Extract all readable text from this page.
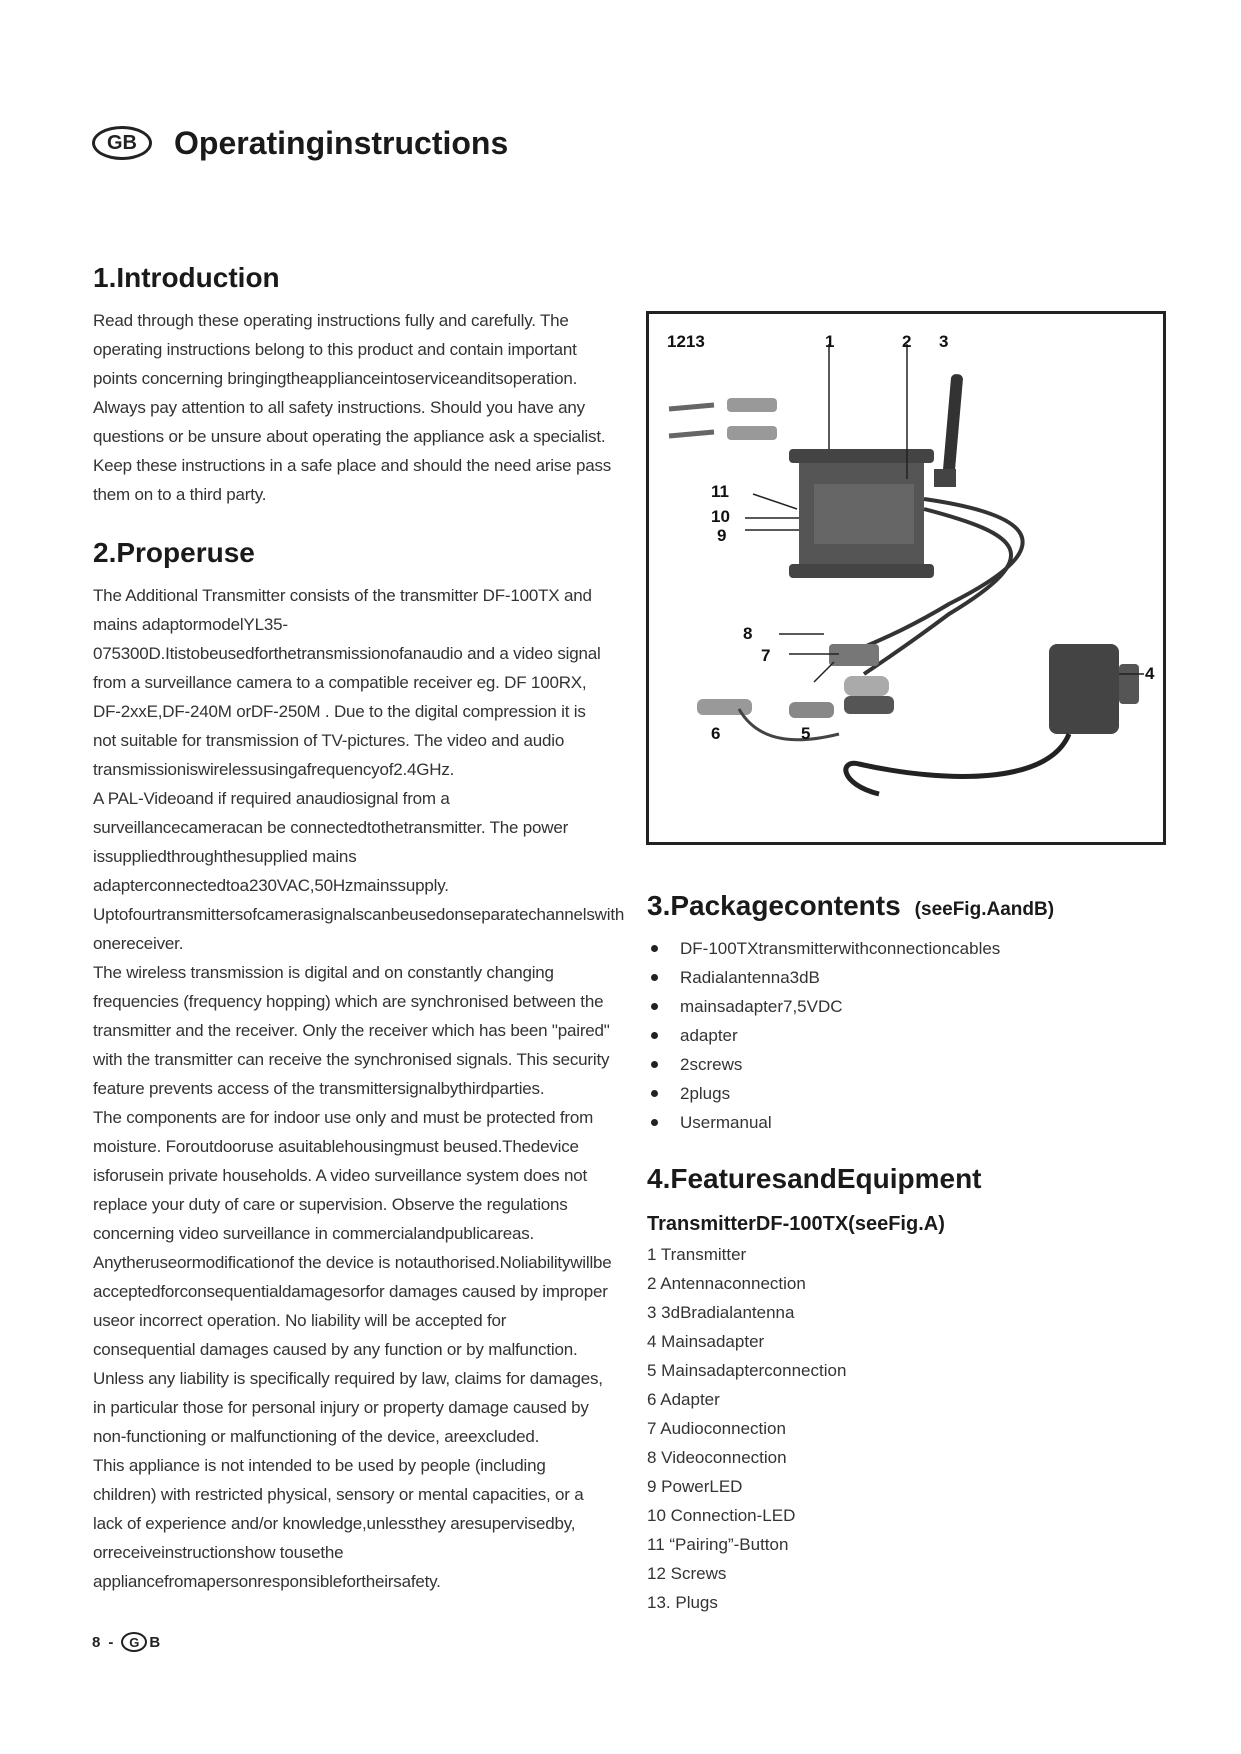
GB	Operatinginstructions
1.Introduction

Read through these operating instructions fully and carefully. The operating instructions belong to this product and contain important points concerning bringingtheapplianceintoserviceanditsoperation.

Always pay attention to all safety instructions. Should you have any questions or be unsure about operating the appliance ask a specialist. Keep these instructions in a safe place and should the need arise pass them on to a third party.

2.Properuse

The Additional Transmitter consists of the transmitter DF-100TX and mains adaptormodelYL35-075300D.Itistobeusedforthetransmissionofanaudio and a video signal from a surveillance camera to a compatible receiver eg. DF 100RX, DF-2xxE,DF-240M orDF-250M . Due to the digital compression it is not suitable for transmission of TV-pictures. The video and audio transmissioniswirelessusingafrequencyof2.4GHz.

A PAL-Videoand if required anaudiosignal from a surveillancecameracan be connectedtothetransmitter. The power issuppliedthroughthesupplied mains adapterconnectedtoa230VAC,50Hzmainssupply.

Uptofourtransmittersofcamerasignalscanbeusedonseparatechannelswith onereceiver.

The wireless transmission is digital and on constantly changing frequencies (frequency hopping) which are synchronised between the transmitter and the receiver. Only the receiver which has been "paired" with the transmitter can receive the synchronised signals. This security feature prevents access of the transmittersignalbythirdparties.

The components are for indoor use only and must be protected from moisture. Foroutdooruse asuitablehousingmust beused.Thedevice isforusein private households. A video surveillance system does not replace your duty of care or supervision. Observe the regulations concerning video surveillance in commercialandpublicareas.

Anytheruseormodificationof the device is notauthorised.Noliabilitywillbe acceptedforconsequentialdamagesorfor damages caused by improper useor incorrect operation. No liability will be accepted for consequential damages caused by any function or by malfunction. Unless any liability is specifically required by law, claims for damages, in particular those for personal injury or property damage caused by non-functioning or malfunctioning of the device, areexcluded.

This appliance is not intended to be used by people (including children) with restricted physical, sensory or mental capacities, or a lack of experience and/or knowledge,unlessthey aresupervisedby, orreceiveinstructionshow tousethe appliancefromapersonresponsiblefortheirsafety.

1213	1	2 3
11
10
9
8
7
6	5
4
3.Packagecontents (seeFig.AandB)
DF-100TXtransmitterwithconnectioncables
Radialantenna3dB
mainsadapter7,5VDC
adapter
2screws
2plugs
Usermanual
4.FeaturesandEquipment
TransmitterDF-100TX(seeFig.A)
1 Transmitter
2 Antennaconnection
3 3dBradialantenna
4 Mainsadapter
5 Mainsadapterconnection
6 Adapter
7 Audioconnection
8 Videoconnection
9 PowerLED
10 Connection-LED
11 “Pairing”-Button
12 Screws
13. Plugs
8 -	G B
